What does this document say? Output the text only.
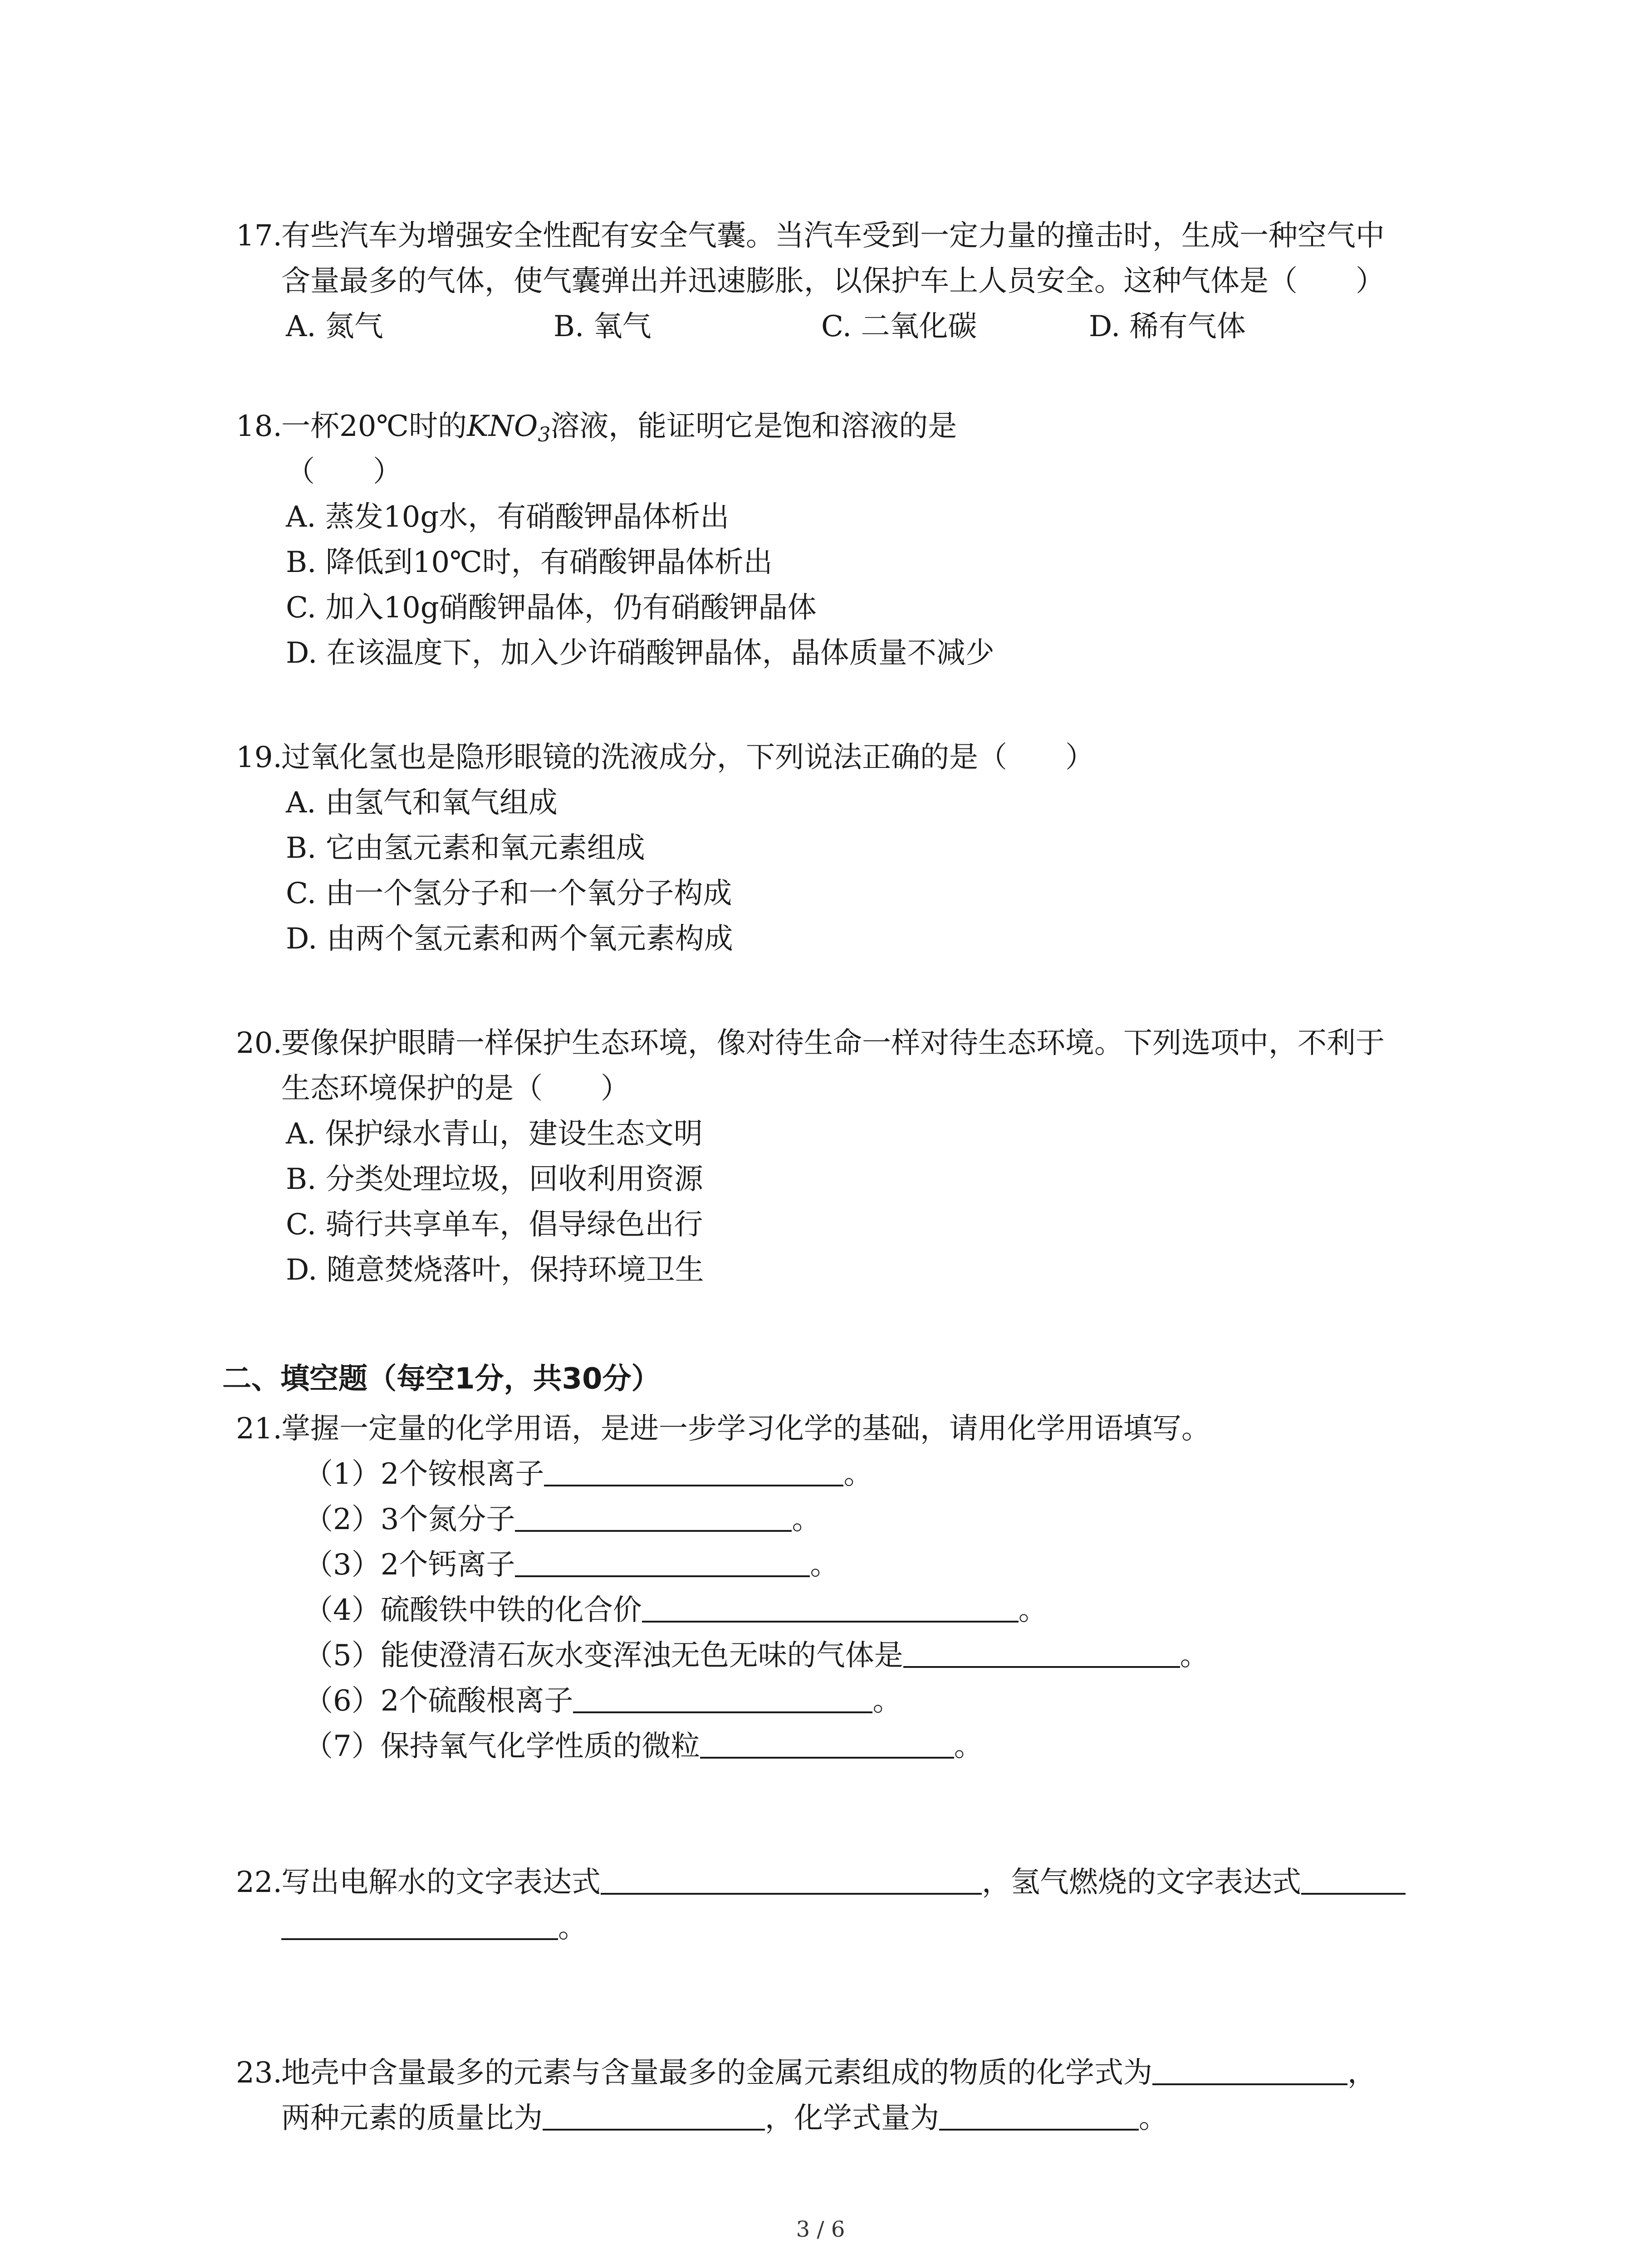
17.有些汽车为增强安全性配有安全气囊。当汽车受到一定力量的撞击时，生成一种空气中
含量最多的气体，使气囊弹出并迅速膨胀，以保护车上人员安全。这种气体是（　　）
A. 氮气	B. 氧气	C. 二氧化碳	D. 稀有气体
18.一杯20℃时的$KNO_3$溶液，能证明它是饱和溶液的是
（　　）
A. 蒸发10g水，有硝酸钾晶体析出
B. 降低到10℃时，有硝酸钾晶体析出
C. 加入10g硝酸钾晶体，仍有硝酸钾晶体
D. 在该温度下，加入少许硝酸钾晶体，晶体质量不减少
19.过氧化氢也是隐形眼镜的洗液成分，下列说法正确的是（　　）
A. 由氢气和氧气组成
B. 它由氢元素和氧元素组成
C. 由一个氢分子和一个氧分子构成
D. 由两个氢元素和两个氧元素构成
20.要像保护眼睛一样保护生态环境，像对待生命一样对待生态环境。下列选项中，不利于
生态环境保护的是（　　）
A. 保护绿水青山，建设生态文明
B. 分类处理垃圾，回收利用资源
C. 骑行共享单车，倡导绿色出行
D. 随意焚烧落叶，保持环境卫生
二、填空题（每空1分，共30分）
21.掌握一定量的化学用语，是进一步学习化学的基础，请用化学用语填写。
（1）2个铵根离子	。
（2）3个氮分子	。
（3）2个钙离子	。
（4）硫酸铁中铁的化合价	。
（5）能使澄清石灰水变浑浊无色无味的气体是	。
（6）2个硫酸根离子	。
（7）保持氧气化学性质的微粒	。
22.写出电解水的文字表达式	，氢气燃烧的文字表达式
。
23.地壳中含量最多的元素与含量最多的金属元素组成的物质的化学式为	，
两种元素的质量比为	，化学式量为	。
3 / 6
